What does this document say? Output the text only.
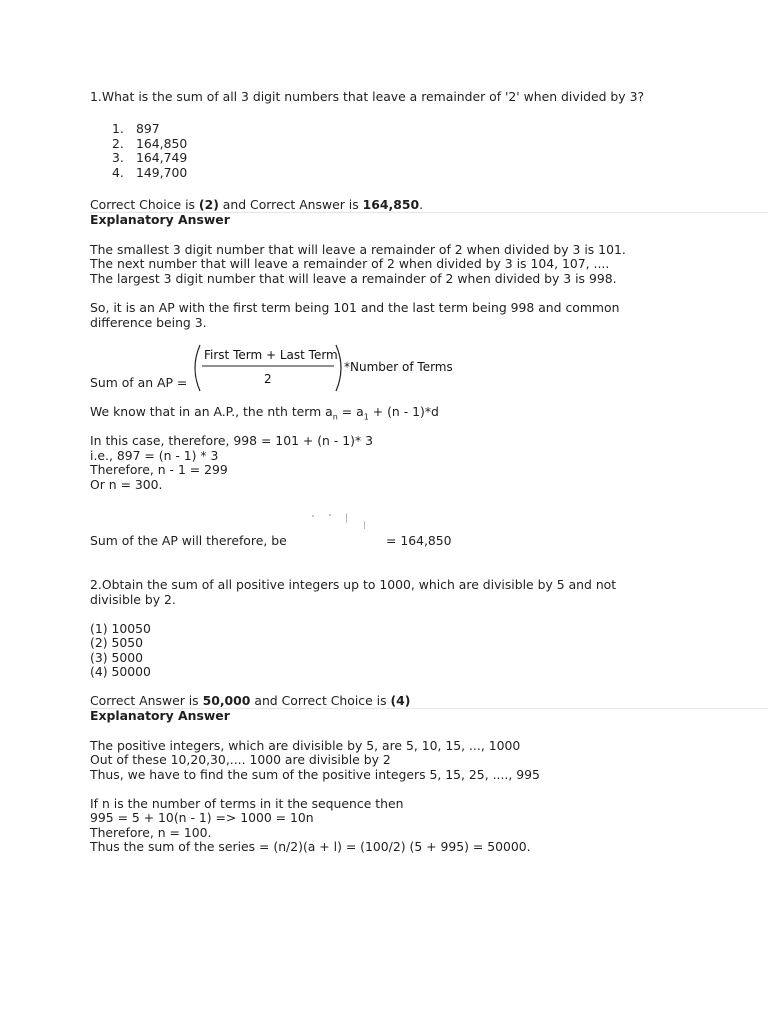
1.What is the sum of all 3 digit numbers that leave a remainder of '2' when divided by 3?
1. 897
2. 164,850
3. 164,749
4. 149,700
Correct Choice is (2) and Correct Answer is 164,850.
Explanatory Answer
The smallest 3 digit number that will leave a remainder of 2 when divided by 3 is 101.
The next number that will leave a remainder of 2 when divided by 3 is 104, 107, ....
The largest 3 digit number that will leave a remainder of 2 when divided by 3 is 998.
So, it is an AP with the first term being 101 and the last term being 998 and common
difference being 3.
Sum of an AP =
First Term + Last Term
2
*Number of Terms
We know that in an A.P., the nth term $a_n = a_1 + (n - 1)*d$
In this case, therefore, 998 = 101 + (n - 1)* 3
i.e., 897 = (n - 1) * 3
Therefore, n - 1 = 299
Or n = 300.
Sum of the AP will therefore, be	= 164,850
2.Obtain the sum of all positive integers up to 1000, which are divisible by 5 and not
divisible by 2.
(1) 10050
(2) 5050
(3) 5000
(4) 50000
Correct Answer is 50,000 and Correct Choice is (4)
Explanatory Answer
The positive integers, which are divisible by 5, are 5, 10, 15, ..., 1000
Out of these 10,20,30,.... 1000 are divisible by 2
Thus, we have to find the sum of the positive integers 5, 15, 25, ...., 995
If n is the number of terms in it the sequence then
995 = 5 + 10(n - 1) => 1000 = 10n
Therefore, n = 100.
Thus the sum of the series = (n/2)(a + l) = (100/2) (5 + 995) = 50000.
